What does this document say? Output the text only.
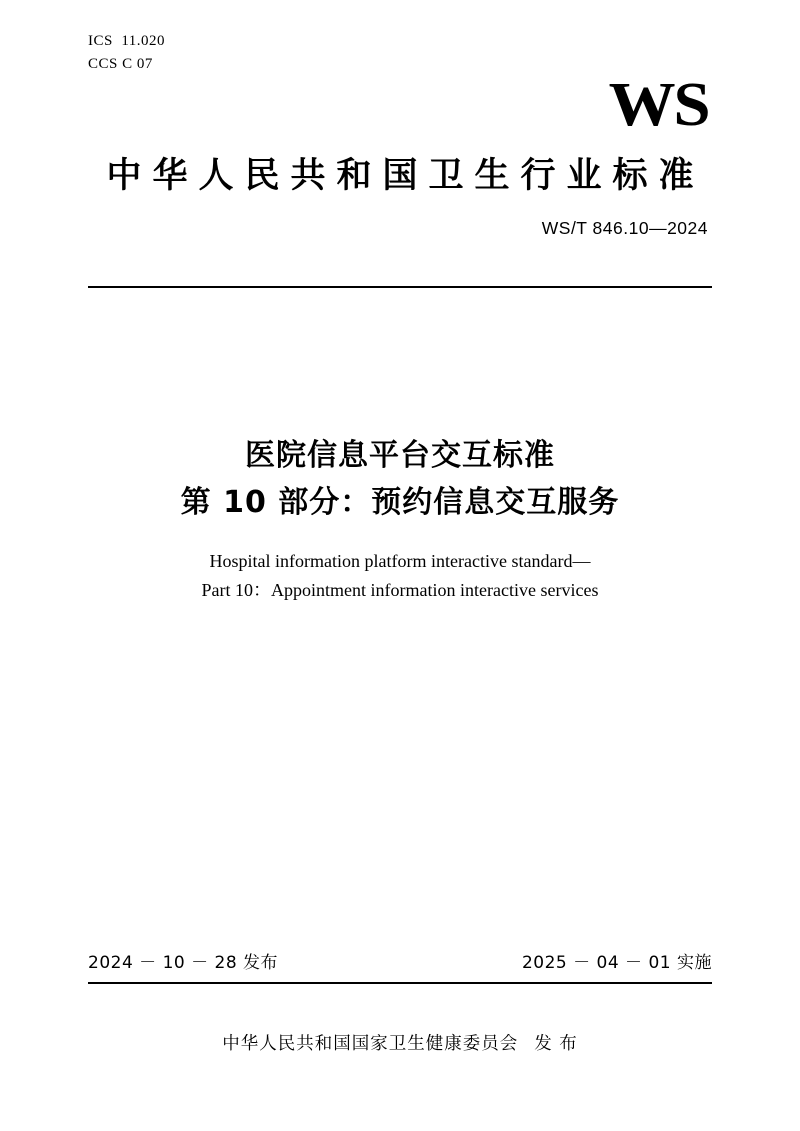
ICS  11.020
CCS C 07
WS
中华人民共和国卫生行业标准
WS/T 846.10—2024
医院信息平台交互标准
第 10 部分：预约信息交互服务
Hospital information platform interactive standard—
Part 10：Appointment information interactive services
2024 － 10 － 28 发布	2025 － 04 － 01 实施
中华人民共和国国家卫生健康委员会 发 布
